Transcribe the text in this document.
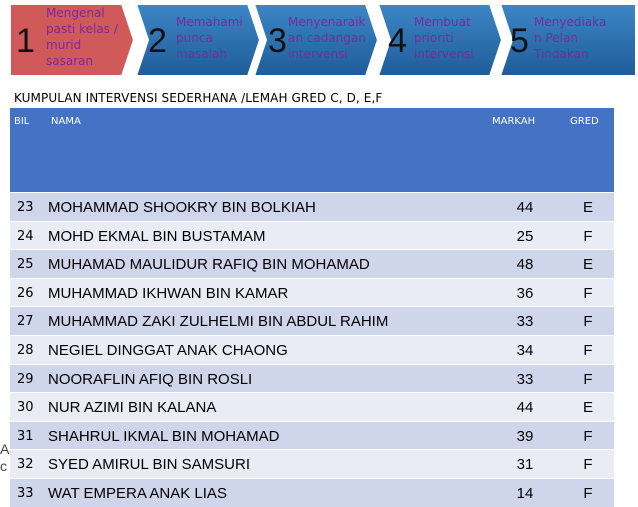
1
Mengenal
pasti kelas /
murid
sasaran
2 Memahami
punca
masalah	3 Menyenaraik
an cadangan
intervensi	4 Membuat
prioriti
intervensi 5 Menyediaka
n Pelan
Tindakan
KUMPULAN INTERVENSI SEDERHANA /LEMAH GRED C, D, E,F
BIL NAMA	MARKAH	GRED
23 MOHAMMAD SHOOKRY BIN BOLKIAH	44	E
24 MOHD EKMAL BIN BUSTAMAM	25	F
25 MUHAMAD MAULIDUR RAFIQ BIN MOHAMAD	48	E
26 MUHAMMAD IKHWAN BIN KAMAR	36	F
27 MUHAMMAD ZAKI ZULHELMI BIN ABDUL RAHIM	33	F
28 NEGIEL DINGGAT ANAK CHAONG	34	F
29 NOORAFLIN AFIQ BIN ROSLI	33	F
30 NUR AZIMI BIN KALANA	44	E
31 SHAHRUL IKMAL BIN MOHAMAD	39	F
32 SYED AMIRUL BIN SAMSURI	31	F
33 WAT EMPERA ANAK LIAS	14	F
A
c
